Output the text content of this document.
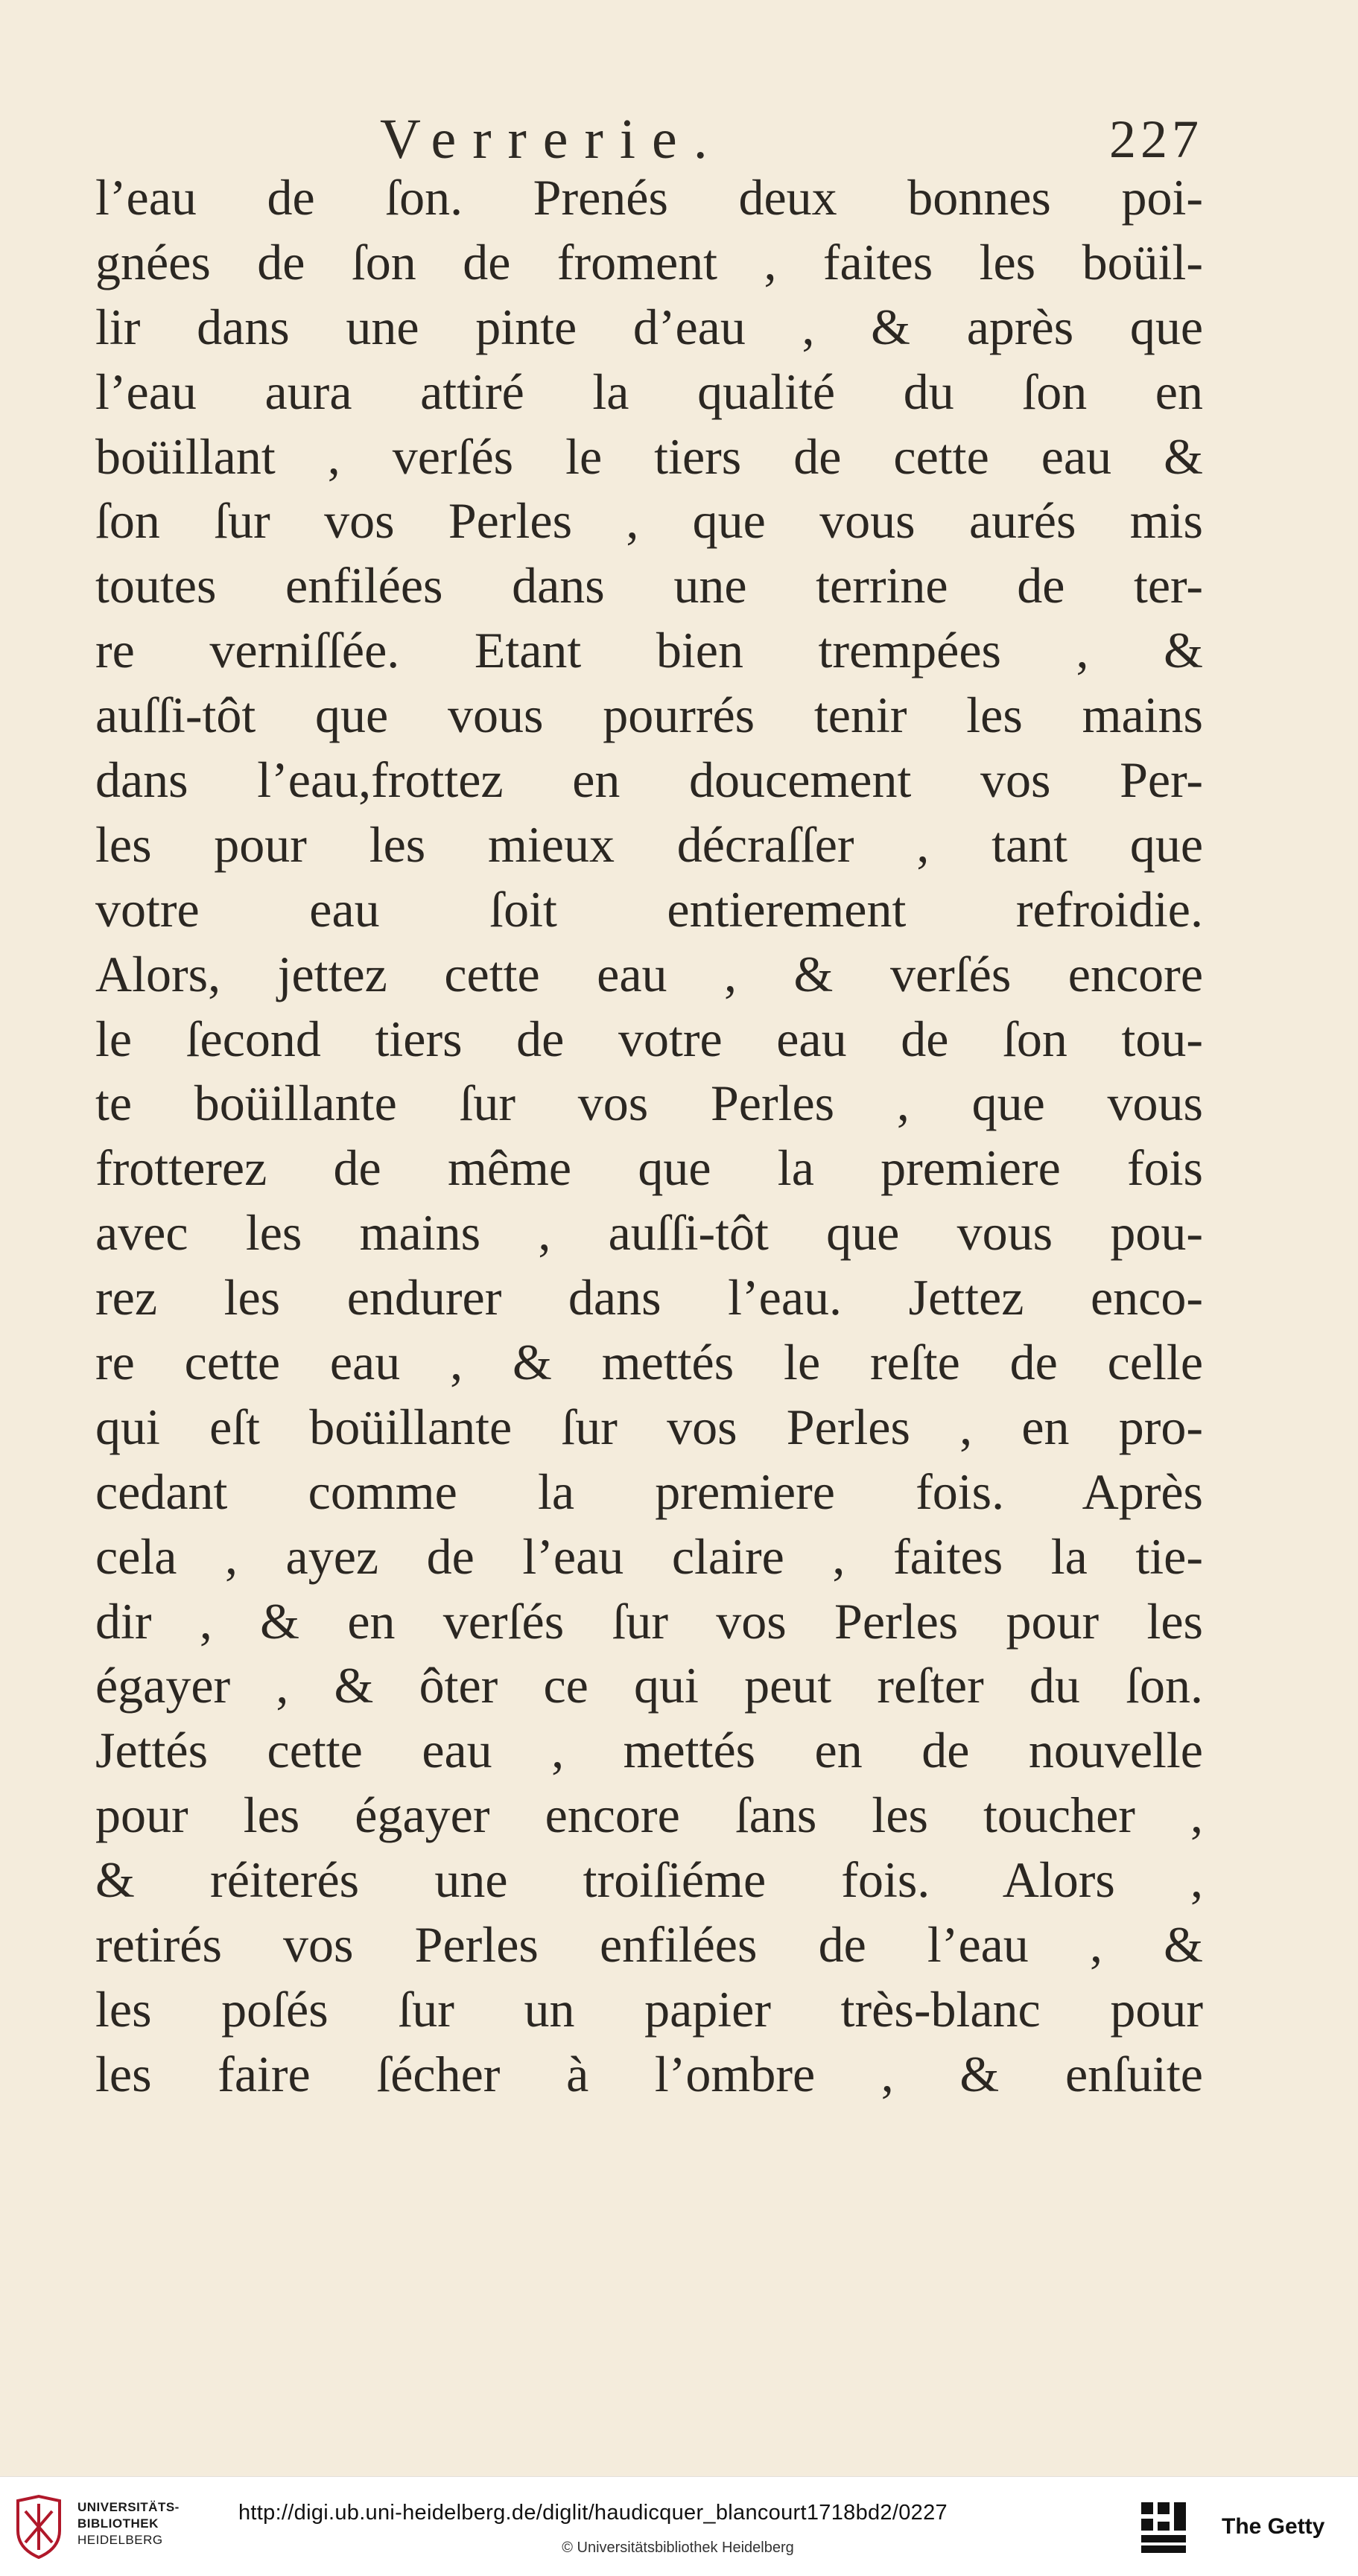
Verrerie.	227
l’eau de ſon. Prenés deux bonnes poi-
gnées de ſon de froment , faites les boüil-
lir dans une pinte d’eau , & après que
l’eau aura attiré la qualité du ſon en
boüillant , verſés le tiers de cette eau &
ſon ſur vos Perles , que vous aurés mis
toutes enfilées dans une terrine de ter-
re verniſſée. Etant bien trempées , &
auſſi-tôt que vous pourrés tenir les mains
dans l’eau,frottez en doucement vos Per-
les pour les mieux décraſſer , tant que
votre eau ſoit entierement refroidie.
Alors, jettez cette eau , & verſés encore
le ſecond tiers de votre eau de ſon tou-
te boüillante ſur vos Perles , que vous
frotterez de même que la premiere fois
avec les mains , auſſi-tôt que vous pou-
rez les endurer dans l’eau. Jettez enco-
re cette eau , & mettés le reſte de celle
qui eſt boüillante ſur vos Perles , en pro-
cedant comme la premiere fois. Après
cela , ayez de l’eau claire , faites la tie-
dir , & en verſés ſur vos Perles pour les
égayer , & ôter ce qui peut reſter du ſon.
Jettés cette eau , mettés en de nouvelle
pour les égayer encore ſans les toucher ,
& réiterés une troiſiéme fois. Alors ,
retirés vos Perles enfilées de l’eau , &
les poſés ſur un papier très-blanc pour
les faire ſécher à l’ombre , & enſuite
UNIVERSITÄTS-
BIBLIOTHEK
HEIDELBERG
http://digi.ub.uni-heidelberg.de/diglit/haudicquer_blancourt1718bd2/0227
© Universitätsbibliothek Heidelberg
The Getty
